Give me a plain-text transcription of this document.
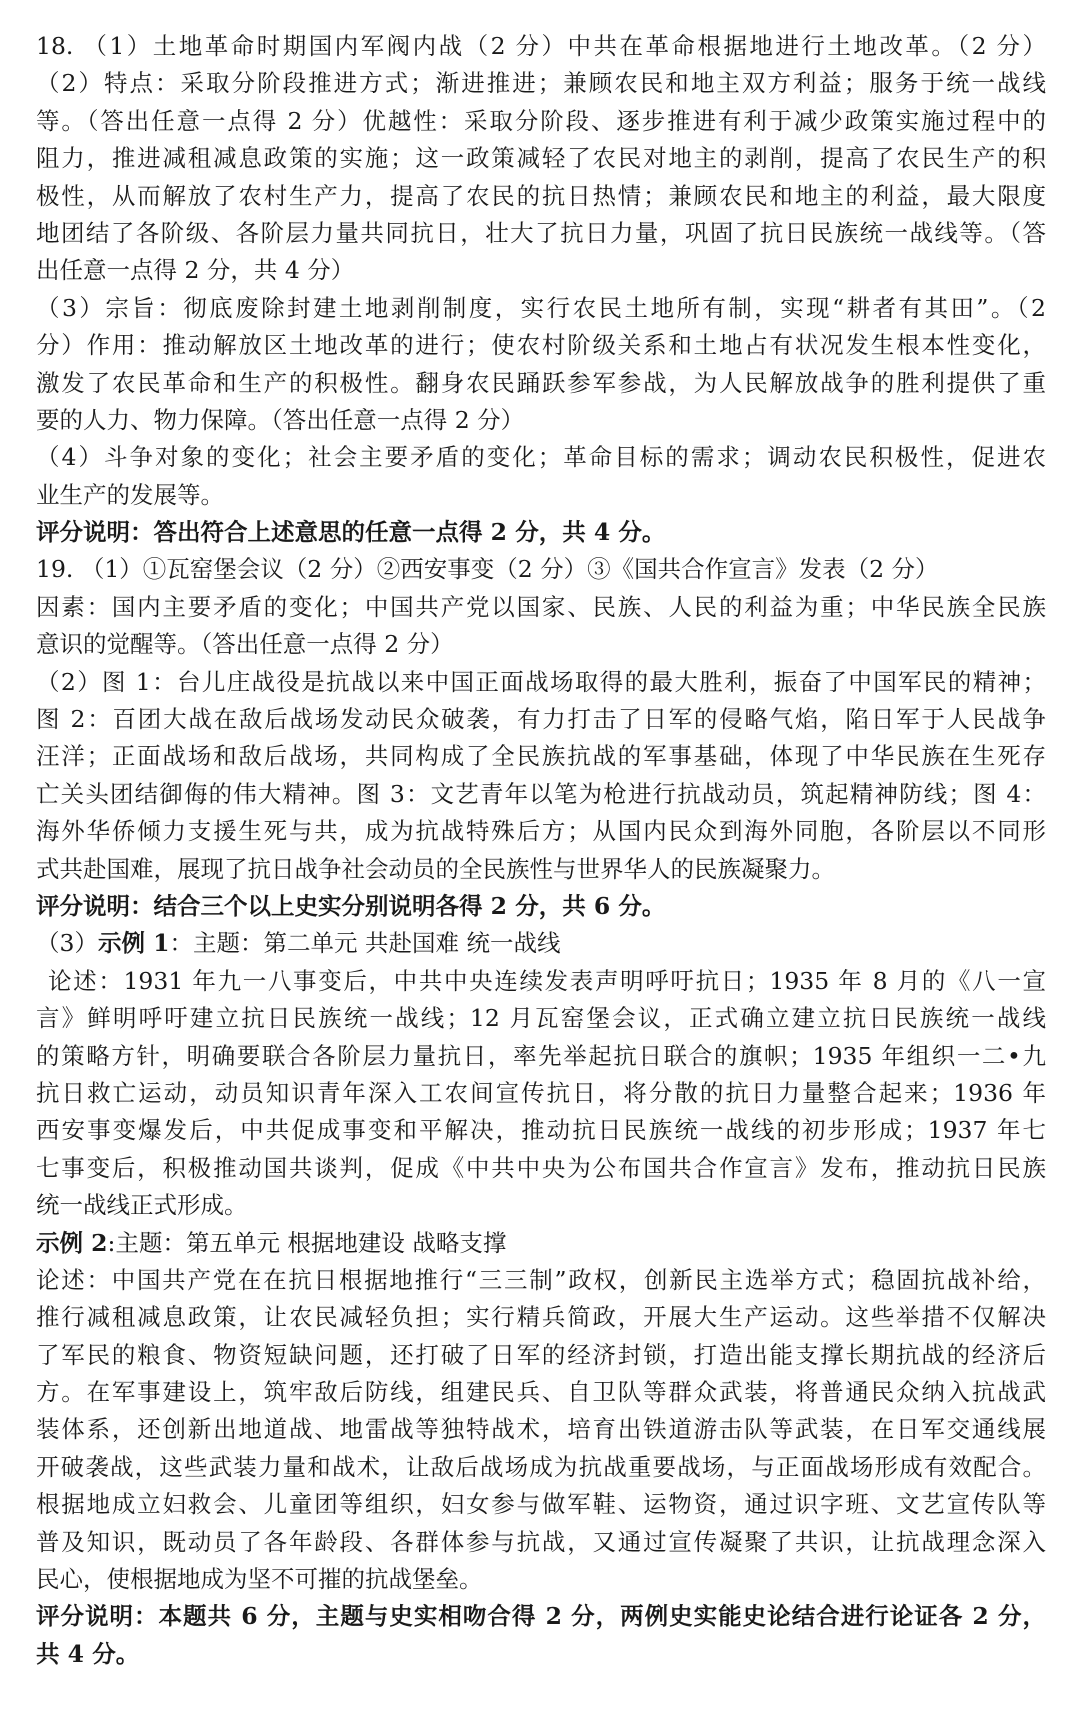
18. （1）土地革命时期国内军阀内战（2 分）中共在革命根据地进行土地改革。（2 分）
（2）特点：采取分阶段推进方式；渐进推进；兼顾农民和地主双方利益；服务于统一战线
等。（答出任意一点得 2 分）优越性：采取分阶段、逐步推进有利于减少政策实施过程中的
阻力，推进减租减息政策的实施；这一政策减轻了农民对地主的剥削，提高了农民生产的积
极性，从而解放了农村生产力，提高了农民的抗日热情；兼顾农民和地主的利益，最大限度
地团结了各阶级、各阶层力量共同抗日，壮大了抗日力量，巩固了抗日民族统一战线等。（答
出任意一点得 2 分，共 4 分）
（3）宗旨：彻底废除封建土地剥削制度，实行农民土地所有制，实现“耕者有其田”。（2
分）作用：推动解放区土地改革的进行；使农村阶级关系和土地占有状况发生根本性变化，
激发了农民革命和生产的积极性。翻身农民踊跃参军参战，为人民解放战争的胜利提供了重
要的人力、物力保障。（答出任意一点得 2 分）
（4）斗争对象的变化；社会主要矛盾的变化；革命目标的需求；调动农民积极性，促进农
业生产的发展等。
评分说明：答出符合上述意思的任意一点得 2 分，共 4 分。
19. （1）①瓦窑堡会议（2 分）②西安事变（2 分）③《国共合作宣言》发表（2 分）
因素：国内主要矛盾的变化；中国共产党以国家、民族、人民的利益为重；中华民族全民族
意识的觉醒等。（答出任意一点得 2 分）
（2）图 1：台儿庄战役是抗战以来中国正面战场取得的最大胜利，振奋了中国军民的精神；
图 2：百团大战在敌后战场发动民众破袭，有力打击了日军的侵略气焰，陷日军于人民战争
汪洋；正面战场和敌后战场，共同构成了全民族抗战的军事基础，体现了中华民族在生死存
亡关头团结御侮的伟大精神。图 3：文艺青年以笔为枪进行抗战动员，筑起精神防线；图 4：
海外华侨倾力支援生死与共，成为抗战特殊后方；从国内民众到海外同胞，各阶层以不同形
式共赴国难，展现了抗日战争社会动员的全民族性与世界华人的民族凝聚力。
评分说明：结合三个以上史实分别说明各得 2 分，共 6 分。
（3）示例 1：主题：第二单元 共赴国难 统一战线
论述：1931 年九一八事变后，中共中央连续发表声明呼吁抗日；1935 年 8 月的《八一宣
言》鲜明呼吁建立抗日民族统一战线；12 月瓦窑堡会议，正式确立建立抗日民族统一战线
的策略方针，明确要联合各阶层力量抗日，率先举起抗日联合的旗帜；1935 年组织一二•九
抗日救亡运动，动员知识青年深入工农间宣传抗日，将分散的抗日力量整合起来；1936 年
西安事变爆发后，中共促成事变和平解决，推动抗日民族统一战线的初步形成；1937 年七
七事变后，积极推动国共谈判，促成《中共中央为公布国共合作宣言》发布，推动抗日民族
统一战线正式形成。
示例 2:主题：第五单元 根据地建设 战略支撑
论述：中国共产党在在抗日根据地推行“三三制”政权，创新民主选举方式；稳固抗战补给，
推行减租减息政策，让农民减轻负担；实行精兵简政，开展大生产运动。这些举措不仅解决
了军民的粮食、物资短缺问题，还打破了日军的经济封锁，打造出能支撑长期抗战的经济后
方。在军事建设上，筑牢敌后防线，组建民兵、自卫队等群众武装，将普通民众纳入抗战武
装体系，还创新出地道战、地雷战等独特战术，培育出铁道游击队等武装，在日军交通线展
开破袭战，这些武装力量和战术，让敌后战场成为抗战重要战场，与正面战场形成有效配合。
根据地成立妇救会、儿童团等组织，妇女参与做军鞋、运物资，通过识字班、文艺宣传队等
普及知识，既动员了各年龄段、各群体参与抗战，又通过宣传凝聚了共识，让抗战理念深入
民心，使根据地成为坚不可摧的抗战堡垒。
评分说明：本题共 6 分，主题与史实相吻合得 2 分，两例史实能史论结合进行论证各 2 分，
共 4 分。
